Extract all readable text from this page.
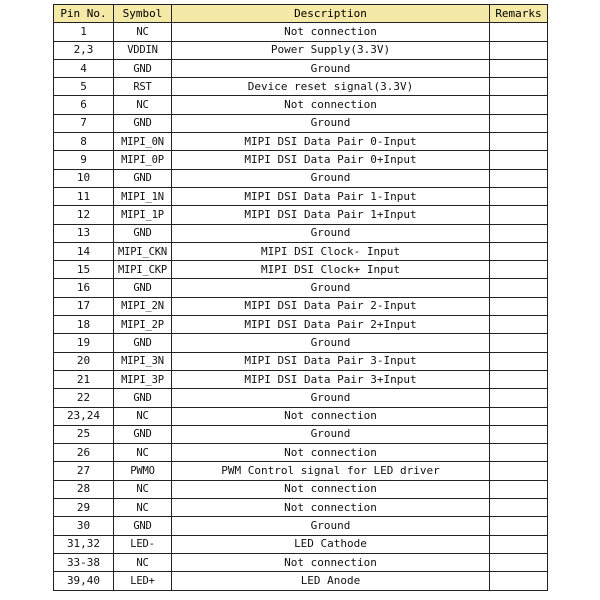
Pin No.	Symbol	Description	Remarks
1	NC	Not connection	
2,3	VDDIN	Power Supply(3.3V)	
4	GND	Ground	
5	RST	Device reset signal(3.3V)	
6	NC	Not connection	
7	GND	Ground	
8	MIPI_0N	MIPI DSI Data Pair 0-Input	
9	MIPI_0P	MIPI DSI Data Pair 0+Input	
10	GND	Ground	
11	MIPI_1N	MIPI DSI Data Pair 1-Input	
12	MIPI_1P	MIPI DSI Data Pair 1+Input	
13	GND	Ground	
14	MIPI_CKN	MIPI DSI Clock- Input	
15	MIPI_CKP	MIPI DSI Clock+ Input	
16	GND	Ground	
17	MIPI_2N	MIPI DSI Data Pair 2-Input	
18	MIPI_2P	MIPI DSI Data Pair 2+Input	
19	GND	Ground	
20	MIPI_3N	MIPI DSI Data Pair 3-Input	
21	MIPI_3P	MIPI DSI Data Pair 3+Input	
22	GND	Ground	
23,24	NC	Not connection	
25	GND	Ground	
26	NC	Not connection	
27	PWMO	PWM Control signal for LED driver	
28	NC	Not connection	
29	NC	Not connection	
30	GND	Ground	
31,32	LED-	LED Cathode	
33-38	NC	Not connection	
39,40	LED+	LED Anode	
